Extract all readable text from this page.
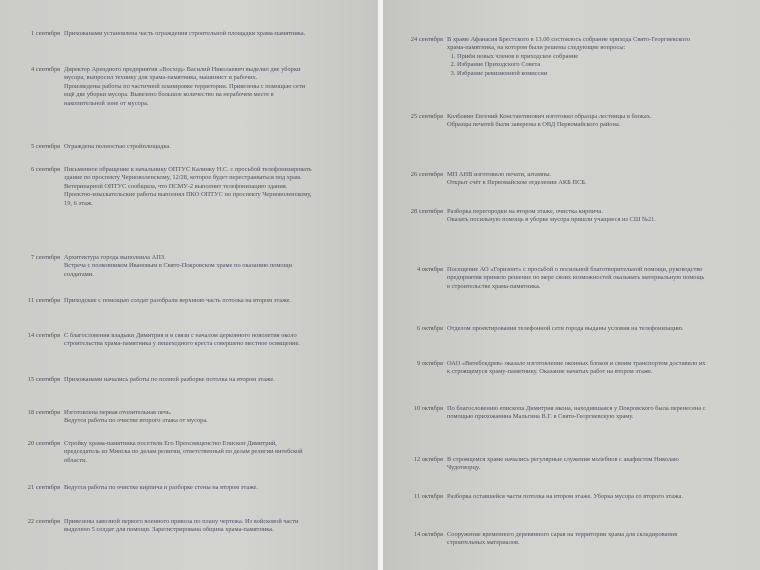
1 сентября Прихожанами установлена часть ограждения строительной площадки храма-памятника.

4 сентября Директор Арендного предприятия «Восход» Василий Николаевич выделил две уборки мусора, выпросил технику для храма-памятника, машинист и рабочих.

Произведены работы по частичной планировке территории. Привезены с помощью сети ещё две уборки мусора. Вывезено большое количество на нерабочем месте в накопительной зоне от мусора.

5 сентября Ограждена полностью стройплощадка.

6 сентября Письменное обращение к начальнику ОПТУС Калинку Н.С. с просьбой телефонизировать здание по проспекту Черноволенскому, 12/28, которое будет перестраиваться под храм. Ветеринарной ОПТУС сообщила, что ПСМУ-2 выполнит телефонизацию здания.

Проектно-изыскательские работы выполнял ПКО ОПТУС по проспекту Черноволенскому, 19, 6 этаж.

7 сентября Архитектура города выполнила АПЗ.

Встреча с полковником Ивановым в Свято-Покровском храме по оказанию помощи солдатами.

11 сентября Приходские с помощью солдат разобрали верхнюю часть потолка на втором этаже.

14 сентября С благословения владыки Димитрия и в связи с началом церковного новолетия около строительства храма-памятника у пешеходного креста совершено местное освящение.

15 сентября Прихожанами начались работы по полной разборке потолка на втором этаже.

18 сентября Изготовлена первая отопительная печь.

Ведутся работы по очистке второго этажа от мусора.

20 сентября Стройку храма-памятника посетили Его Преосвященство Епископ Димитрий, председатель из Минска по делам религии, ответственный по делам религии витебской области.

21 сентября Ведутся работы по очистке кирпича и разборке стены на втором этаже.

22 сентября Привезены завозной первого военного привоза по плану чертежа. Из войсковой части выделено 5 солдат для помощи. Зарегистрирована община храма-памятника.

24 сентября В храме Афанасия Брестского в 13.00 состоялось собрание прихода Свято-Георгиевского храма-памятника, на котором были решены следующие вопросы:

1. Приём новых членов в приходское собрание
2. Избрание Приходского Совета
3. Избрание ревизионной комиссии
25 сентября Колбовин Евгений Константинович изготовил образцы лестницы в блоках.

Образцы печатей были заверены в ОВД Первомайского района.

26 сентября МП АНВ изготовило печати, штампы.

Открыт счёт в Первомайском отделении АКБ ПСБ.

28 сентября Разборка перегородки на втором этаже, очистка кирпича.

Оказать посильную помощь в уборке мусора пришли учащиеся из СШ №21.

4 октября Посещение АО «Горизонт» с просьбой о посильной благотворительной помощи, руководство предприятия приняло решение по мере своих возможностей оказывать материальную помощь в строительстве храма-памятника.

6 октября Отделом проектирования телефонной сети города выданы условия на телефонизацию.

9 октября ОАО «Витебскдрев» оказало изготовление оконных блоков и своим транспортом доставило их к строящемуся храму-памятнику. Оказание начатых работ на втором этаже.

10 октября По благословению епископа Димитрия икона, находившаяся у Покровского была перенесена с помощью прихожанина Мальгина В.Г. в Свято-Георгиевскую храму.

12 октября В строящемся храме начались регулярные служения молебнов с акафистом Николаю Чудотворцу.

11 октября Разборка оставшейся части потолка на втором этаже. Уборка мусора со второго этажа.

14 октября Сооружение временного деревянного сарая на территории храма для складирования строительных материалов.
